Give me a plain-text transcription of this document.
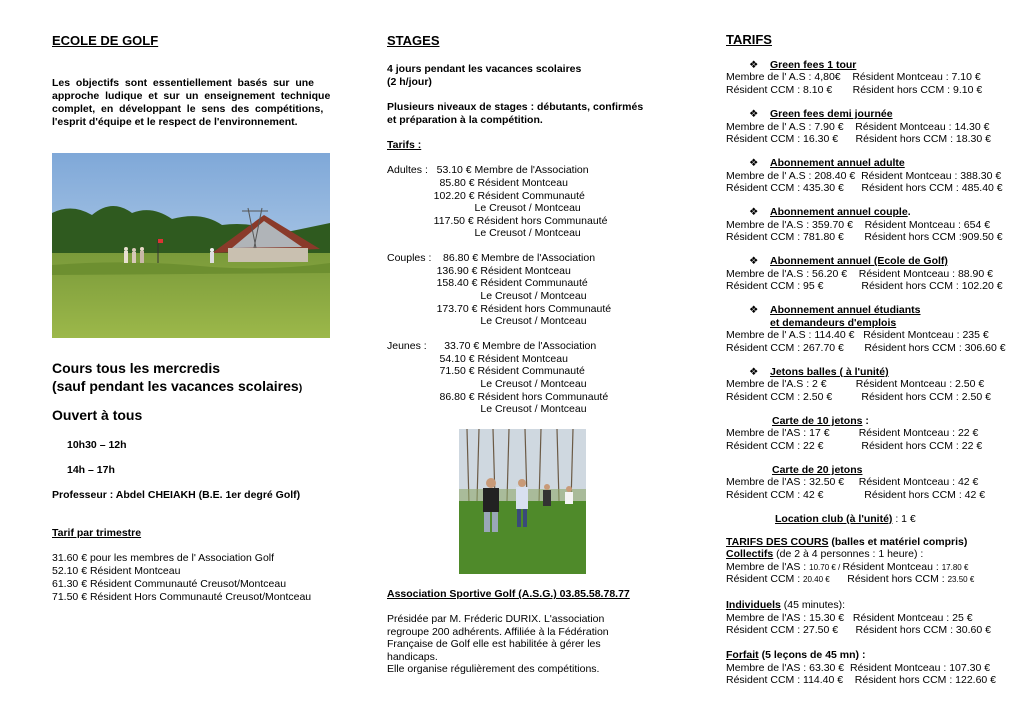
ECOLE DE GOLF
Les  objectifs  sont  essentiellement  basés  sur  une
approche  ludique  et  sur  un  enseignement  technique
complet,  en  développant  le  sens  des  compétitions,
l'esprit d'équipe et le respect de l'environnement.
Cours tous les mercredis
(sauf pendant les vacances scolaires)
Ouvert à tous
10h30 – 12h
14h – 17h
Professeur : Abdel CHEIAKH (B.E. 1er degré Golf)
Tarif par trimestre
31.60 € pour les membres de l' Association Golf
52.10 € Résident Montceau
61.30 € Résident Communauté Creusot/Montceau
71.50 € Résident Hors Communauté Creusot/Montceau
STAGES
4 jours pendant les vacances scolaires
(2 h/jour)
Plusieurs niveaux de stages : débutants, confirmés
et préparation à la compétition.
Tarifs :
Adultes :   53.10 € Membre de l'Association
85.80 € Résident Montceau
102.20 € Résident Communauté
Le Creusot / Montceau
117.50 € Résident hors Communauté
Le Creusot / Montceau
Couples :    86.80 € Membre de l'Association
136.90 € Résident Montceau
158.40 € Résident Communauté
Le Creusot / Montceau
173.70 € Résident hors Communauté
Le Creusot / Montceau
Jeunes :      33.70 € Membre de l'Association
54.10 € Résident Montceau
71.50 € Résident Communauté
Le Creusot / Montceau
86.80 € Résident hors Communauté
Le Creusot / Montceau
Association Sportive Golf (A.S.G.) 03.85.58.78.77
Présidée par M. Fréderic DURIX. L'association
regroupe 200 adhérents. Affiliée à la Fédération
Française de Golf elle est habilitée à gérer les
handicaps.
Elle organise régulièrement des compétitions.
TARIFS
❖ Green fees 1 tour
Membre de l' A.S : 4,80€    Résident Montceau : 7.10 €
Résident CCM : 8.10 €       Résident hors CCM : 9.10 €
❖ Green fees demi journée
Membre de l' A.S : 7.90 €    Résident Montceau : 14.30 €
Résident CCM : 16.30 €      Résident hors CCM : 18.30 €
❖ Abonnement annuel adulte
Membre de l' A.S : 208.40 €  Résident Montceau : 388.30 €
Résident CCM : 435.30 €      Résident hors CCM : 485.40 €
❖ Abonnement annuel couple.
Membre de l'A.S : 359.70 €    Résident Montceau : 654 €
Résident CCM : 781.80 €       Résident hors CCM :909.50 €
❖ Abonnement annuel (Ecole de Golf)
Membre de l'A.S : 56.20 €    Résident Montceau : 88.90 €
Résident CCM : 95 €             Résident hors CCM : 102.20 €
❖ Abonnement annuel étudiants
et demandeurs d'emplois
Membre de l' A.S : 114.40 €   Résident Montceau : 235 €
Résident CCM : 267.70 €       Résident hors CCM : 306.60 €
❖ Jetons balles ( à l'unité)
Membre de l'A.S : 2 €          Résident Montceau : 2.50 €
Résident CCM : 2.50 €          Résident hors CCM : 2.50 €
Carte de 10 jetons :
Membre de l'AS : 17 €          Résident Montceau : 22 €
Résident CCM : 22 €             Résident hors CCM : 22 €
Carte de 20 jetons
Membre de l'AS : 32.50 €     Résident Montceau : 42 €
Résident CCM : 42 €              Résident hors CCM : 42 €
Location club (à l'unité) : 1 €
TARIFS DES COURS (balles et matériel compris)
Collectifs (de 2 à 4 personnes : 1 heure) :
Membre de l'AS : 10.70 € / Résident Montceau : 17.80 €
Résident CCM : 20.40 €      Résident hors CCM : 23.50 €
Individuels (45 minutes):
Membre de l'AS : 15.30 €   Résident Montceau : 25 €
Résident CCM : 27.50 €      Résident hors CCM : 30.60 €
Forfait (5 leçons de 45 mn) :
Membre de l'AS : 63.30 €  Résident Montceau : 107.30 €
Résident CCM : 114.40 €    Résident hors CCM : 122.60 €
